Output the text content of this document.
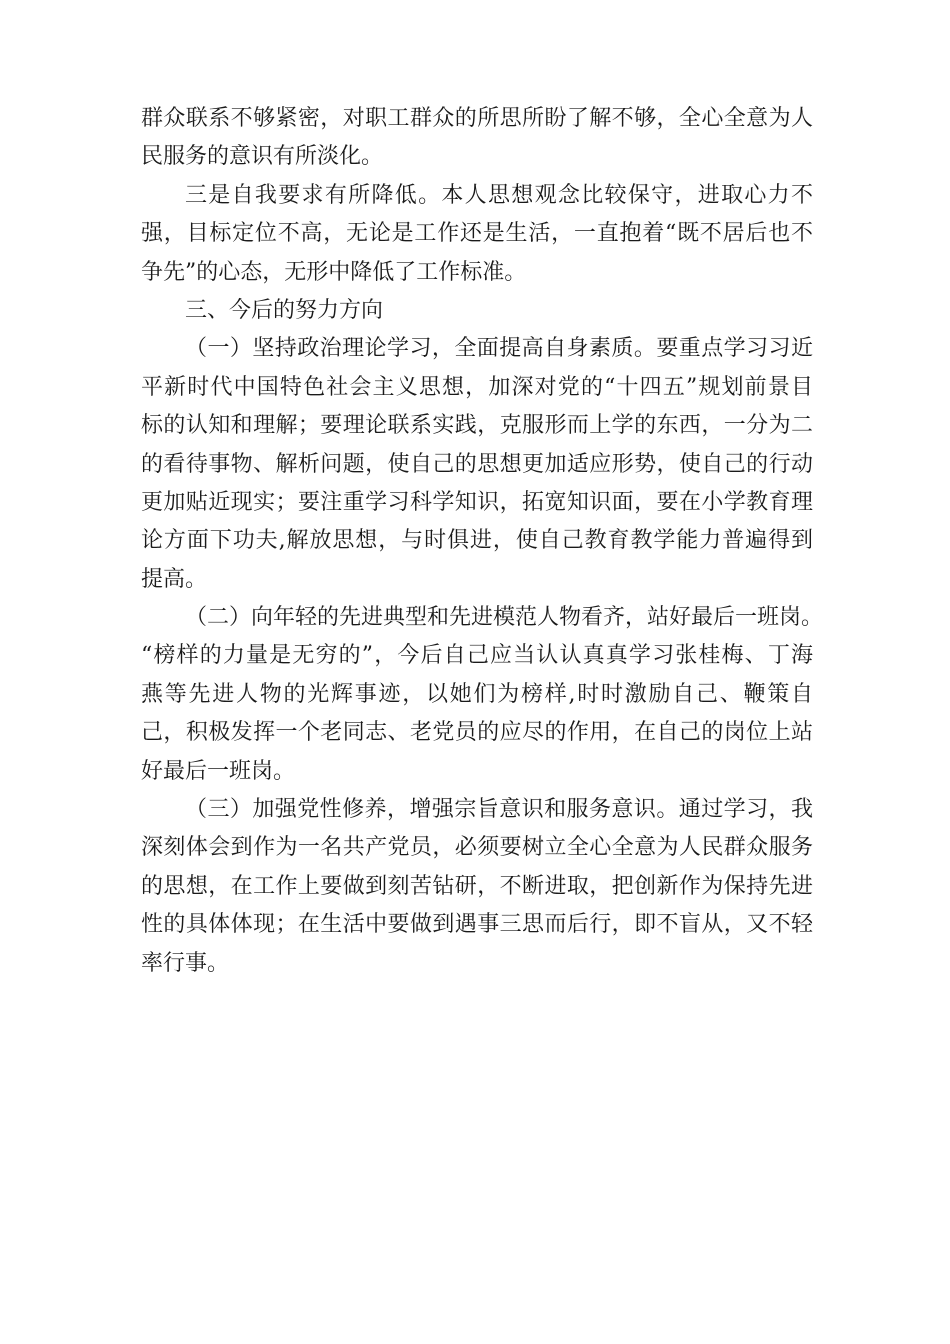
群众联系不够紧密，对职工群众的所思所盼了解不够，全心全意为人
民服务的意识有所淡化。
三是自我要求有所降低。本人思想观念比较保守，进取心力不
强，目标定位不高，无论是工作还是生活，一直抱着“既不居后也不
争先”的心态，无形中降低了工作标准。
三、今后的努力方向
（一）坚持政治理论学习，全面提高自身素质。要重点学习习近
平新时代中国特色社会主义思想，加深对党的“十四五”规划前景目
标的认知和理解；要理论联系实践，克服形而上学的东西，一分为二
的看待事物、解析问题，使自己的思想更加适应形势，使自己的行动
更加贴近现实；要注重学习科学知识，拓宽知识面，要在小学教育理
论方面下功夫,解放思想，与时俱进，使自己教育教学能力普遍得到
提高。
（二）向年轻的先进典型和先进模范人物看齐，站好最后一班岗。
“榜样的力量是无穷的”，今后自己应当认认真真学习张桂梅、丁海
燕等先进人物的光辉事迹，以她们为榜样,时时激励自己、鞭策自
己，积极发挥一个老同志、老党员的应尽的作用，在自己的岗位上站
好最后一班岗。
（三）加强党性修养，增强宗旨意识和服务意识。通过学习，我
深刻体会到作为一名共产党员，必须要树立全心全意为人民群众服务
的思想，在工作上要做到刻苦钻研，不断进取，把创新作为保持先进
性的具体体现；在生活中要做到遇事三思而后行，即不盲从，又不轻
率行事。
